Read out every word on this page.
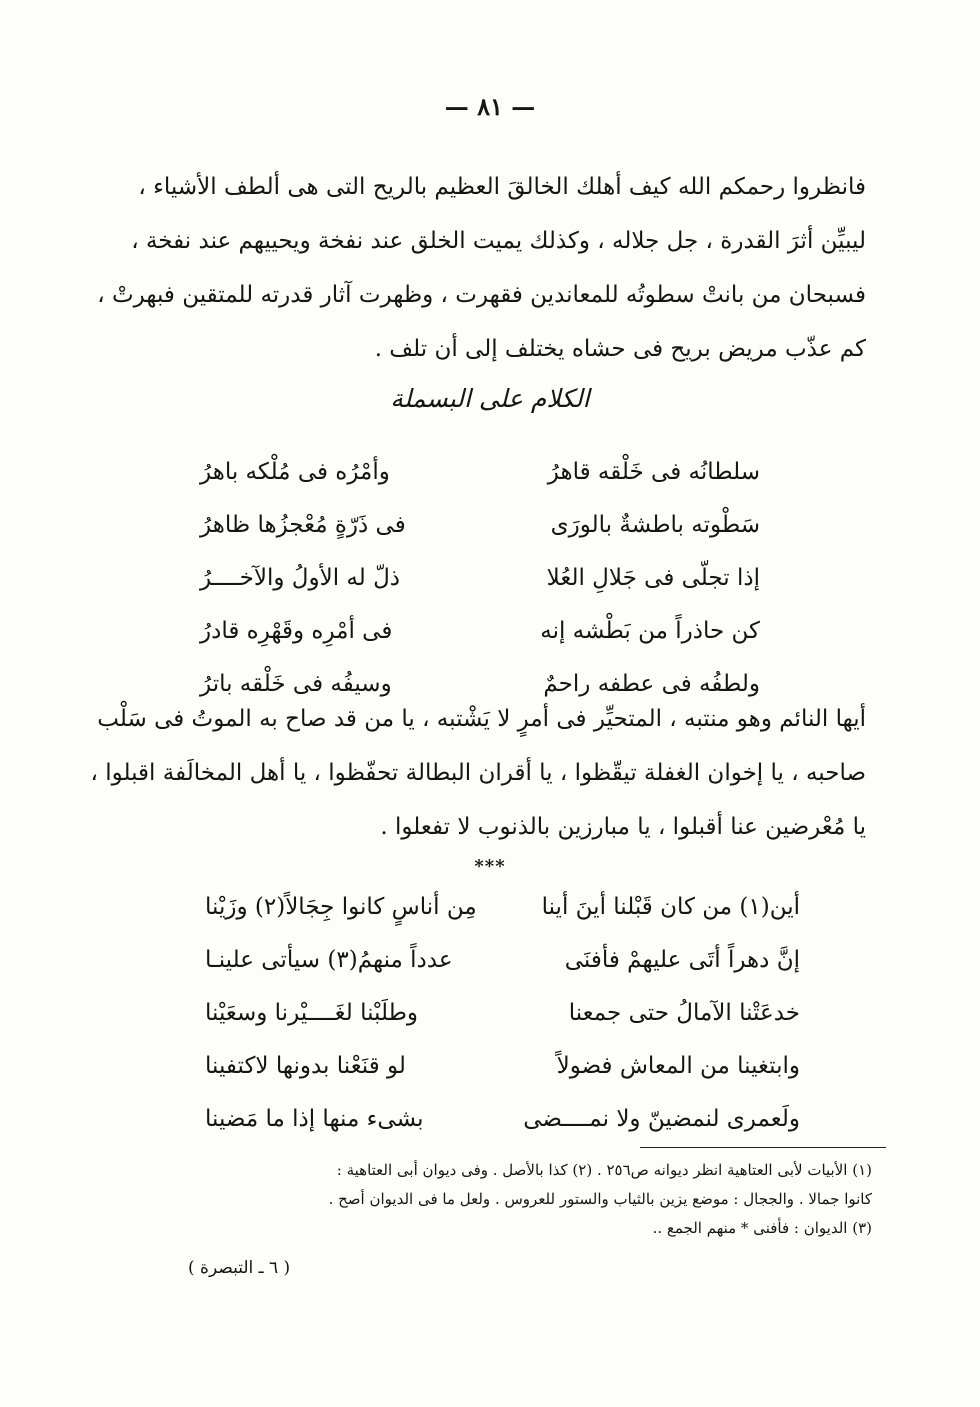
— ٨١ —

فانظروا رحمكم الله كيف أهلك الخالقَ العظيم بالريح التى هى ألطف الأشياء ،

ليبيِّن أثرَ القدرة ، جل جلاله ، وكذلك يميت الخلق عند نفخة ويحييهم عند نفخة ،

فسبحان من بانتْ سطوتُه للمعاندين فقهرت ، وظهرت آثار قدرته للمتقين فبهرتْ ،

كم عذّب مريض بريح فى حشاه يختلف إلى أن تلف .

الكلام على البسملة
سلطانُه فى خَلْقه قاهرُ
وأمْرُه فى مُلْكه باهرُ
سَطْوته باطشةٌ بالورَى
فى ذَرّةٍ مُعْجزُها ظاهرُ
إذا تجلّى فى جَلالِ العُلا
ذلّ له الأولُ والآخــــرُ
كن حاذراً من بَطْشه إنه
فى أمْرِه وقَهْرِه قادرُ
ولطفُه فى عطفه راحمٌ
وسيفُه فى خَلْقه باترُ

أيها النائم وهو منتبه ، المتحيِّر فى أمرٍ لا يَشْتبه ، يا من قد صاح به الموتُ فى سَلْب

صاحبه ، يا إخوان الغفلة تيقّظوا ، يا أقران البطالة تحفّظوا ، يا أهل المخالَفة اقبلوا ،

يا مُعْرضين عنا أقبلوا ، يا مبارزين بالذنوب لا تفعلوا .

***
أين(١) من كان قَبْلنا أينَ أينا
مِن أناسٍ كانوا جِجَالاً(٢) وزَيْنا
إنَّ دهراً أتَى عليهمْ فأفنَى
عدداً منهمُ(٣) سيأتى علينـا
خدعَتْنا الآمالُ حتى جمعنا
وطلَبْنا لغَــــيْرنا وسعَيْنا
وابتغينا من المعاش فضولاً
لو قنَعْنا بدونها لاكتفينا
ولَعمرى لنمضينّ ولا نمــــضى
بشىء منها إذا ما مَضينا

(١) الأبيات لأبى العتاهية انظر ديوانه ص٢٥٦ . (٢) كذا بالأصل . وفى ديوان أبى العتاهية :

كانوا جمالا . والججال : موضع يزين بالثياب والستور للعروس . ولعل ما فى الديوان أصح .

(٣) الديوان : فأفنى * منهم الجمع ..

( ٦ ـ التبصرة )
